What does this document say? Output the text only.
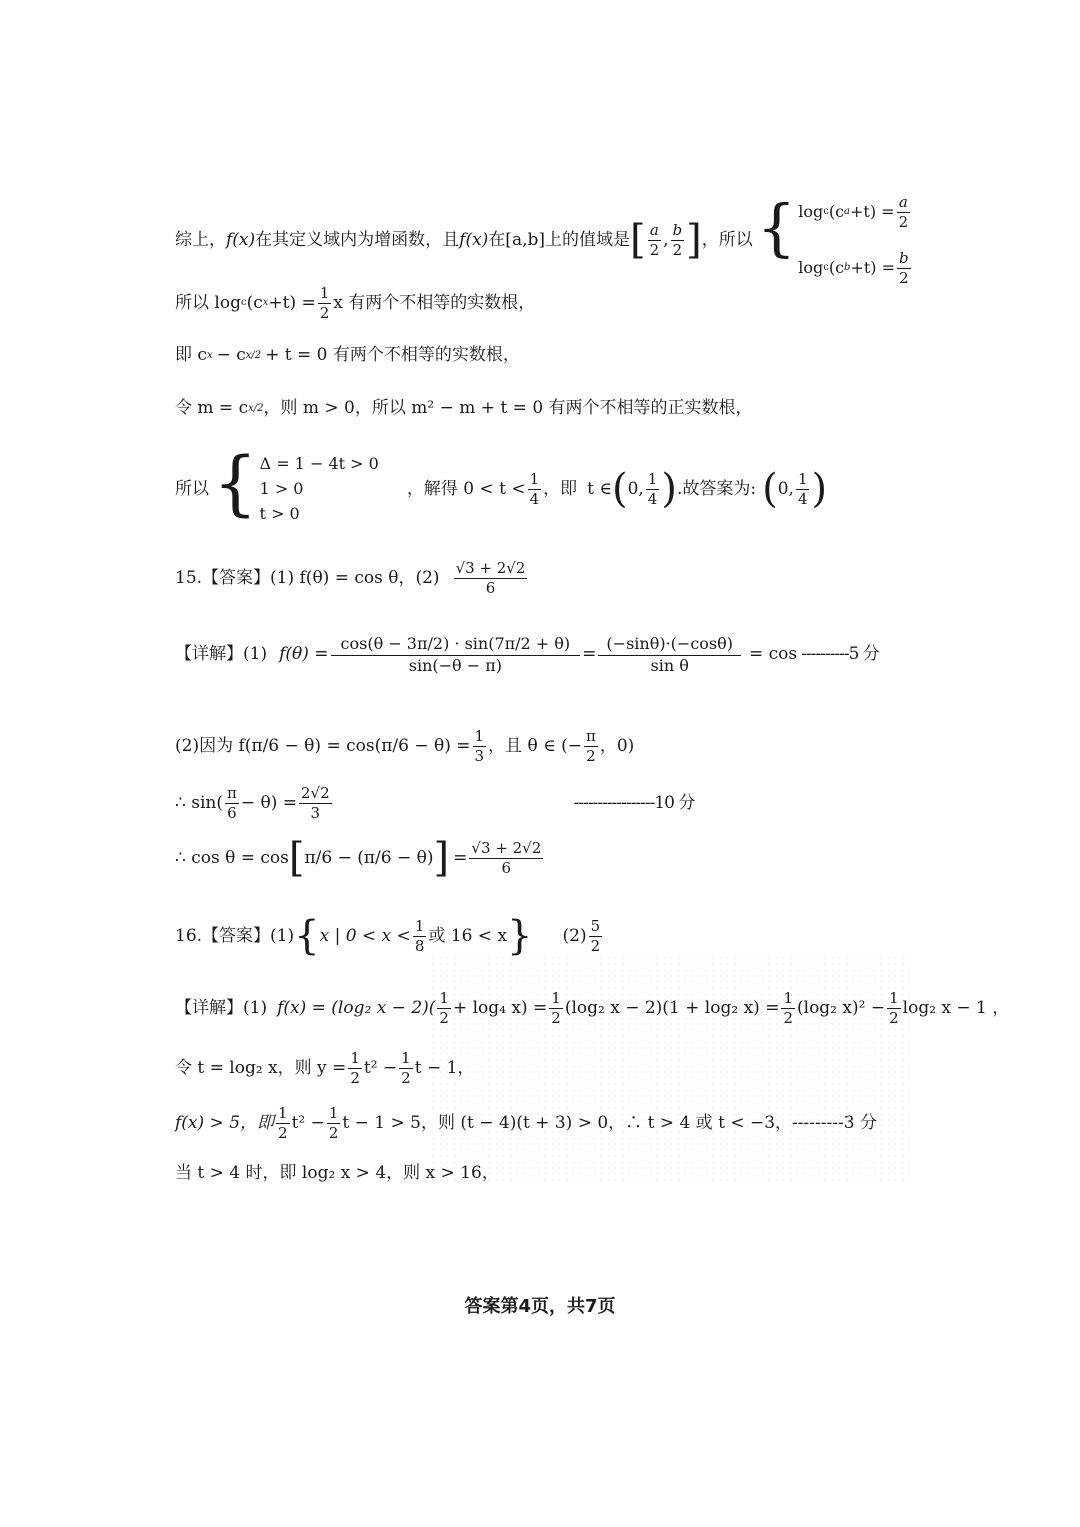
综上， f(x) 在其定义域内为增函数，且 f(x) 在[a,b]上的值域是 [ $\frac{a}{2}$ , $\frac{b}{2}$ ] ，所以 { log c (c $a +t) = \frac{a}{2}$
log c (c $b +t) = \frac{b}{2}$
所以 log c (c $x +t) = \frac{1}{2}$ x 有两个不相等的实数根，
即 c x − c x/2 + t = 0 有两个不相等的实数根，
令 m = c x/2 ，则 m > 0，所以 m² − m + t = 0 有两个不相等的正实数根，
所以 { Δ = 1 − 4t > 0
1 > 0
t > 0
，解得 $0 < t < \frac{1}{4}$ ，即 t ∈ ( 0, $\frac{1}{4}$ ) .故答案为: ( 0, $\frac{1}{4}$ )
15.【答案】(1) f(θ) = cos θ，$(2) \frac{√3 + 2√2}{6}$
【详解】(1) $f(\theta) = \frac{\cos(\theta - 3\pi/2) \cdot \sin(7\pi/2 + \theta)}{\sin(-\theta - \pi)} = \frac{(-\sin\theta)\cdot(-\cos\theta)}{\text{sin θ}} = \cos ----------5$ 分
(2)因为 $f(\pi/6 - \theta) = \cos(\pi/6 - \theta) = \frac{1}{3}$ ，且 θ ∈ (− $\frac{\pi}{2}$ ，0)
∴ $\sin( \frac{\pi}{6} - \theta) = \frac{2√2}{3}$	-----------------10 分
∴ cos θ = cos [ π/6 − (π/6 − θ) ] = $\frac{√3 + 2√2}{6}$
16.【答案】(1) { x | $0 < x < \frac{1}{8}$ 或 16 < x } $(2) \frac{5}{2}$
【详解】(1) f(x) = (log₂ $x - 2)( \frac{1}{2} + \log_4$ $x) = \frac{1}{2} (\log_2$ x − 2)(1 + log₂ $x) = \frac{1}{2} (\log_2$ $x)^2 - \frac{1}{2} \log_2$ x − 1 ，
令 t = log₂ x，则 $y = \frac{1}{2} t^2 - \frac{1}{2}$ t − 1，
f(x) > 5，即 $\frac{1}{2} t^2 - \frac{1}{2}$ t − 1 > 5，则 (t − 4)(t + 3) > 0，∴ t > 4 或 t < −3，---------3 分
当 t > 4 时，即 log₂ x > 4，则 x > 16，
答案第4页，共7页
